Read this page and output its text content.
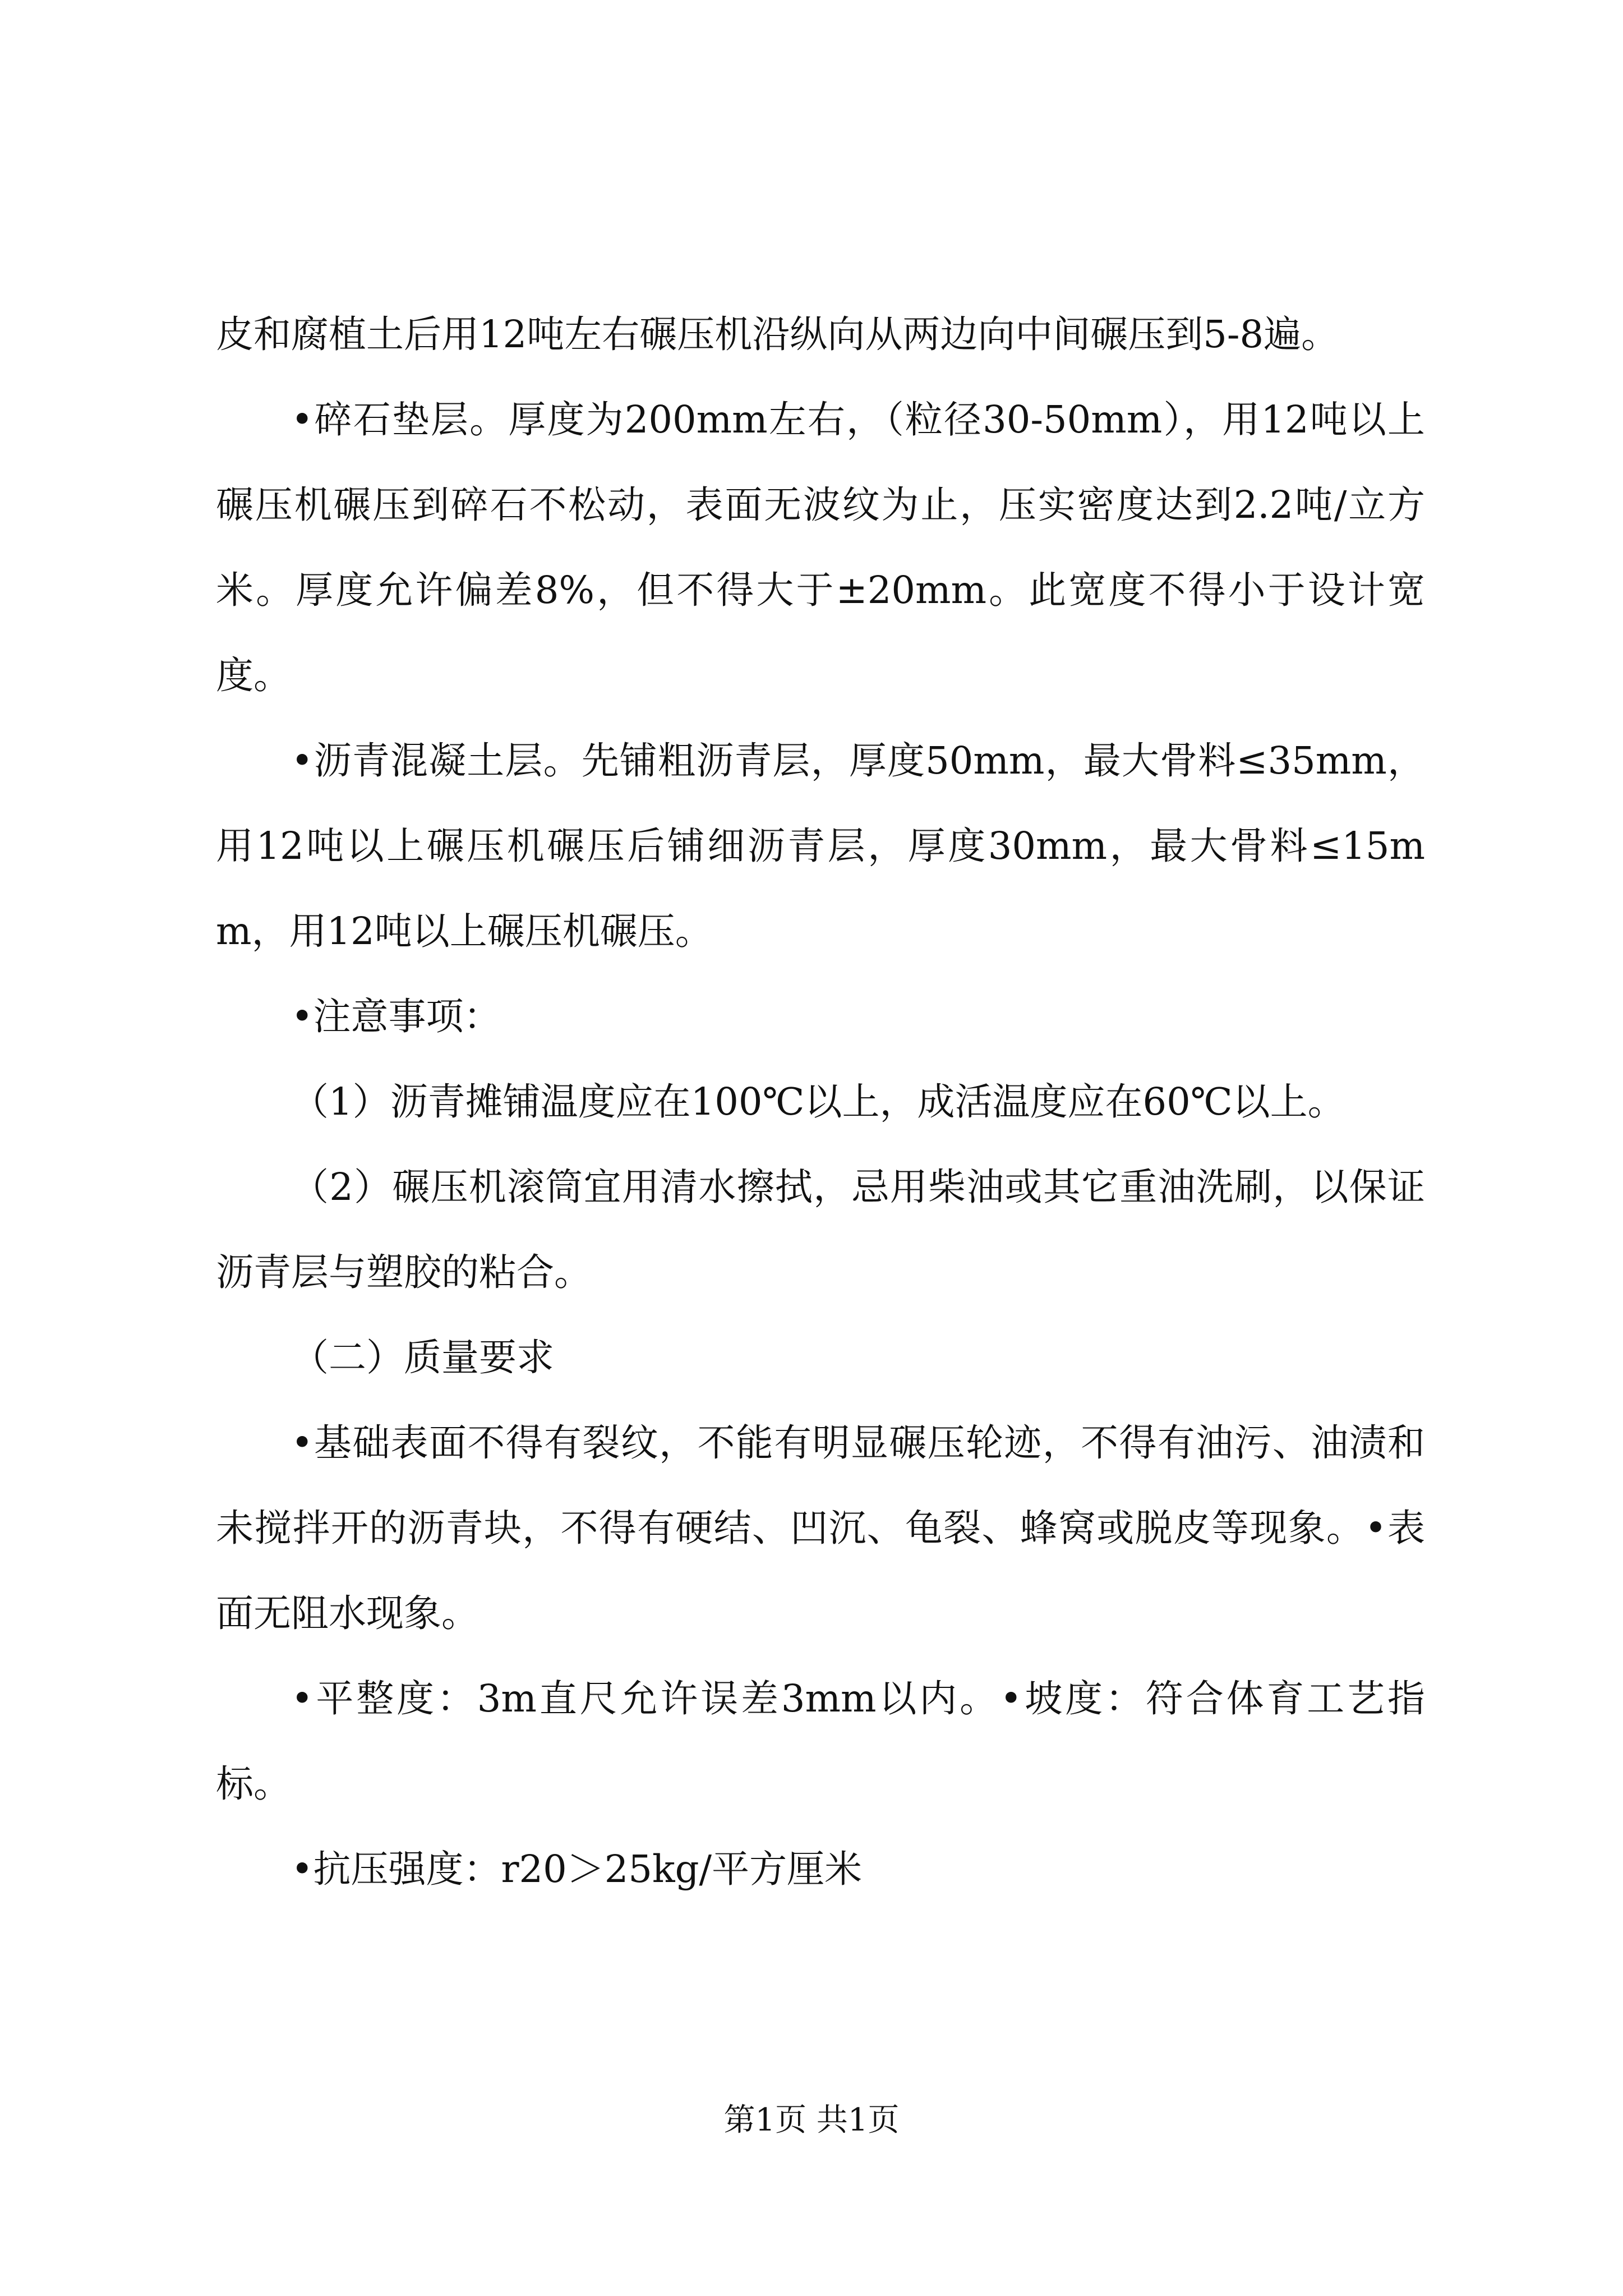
皮和腐植土后用12吨左右碾压机沿纵向从两边向中间碾压到5-8遍。

•碎石垫层。厚度为200mm左右，（粒径30-50mm），用12吨以上碾压机碾压到碎石不松动，表面无波纹为止，压实密度达到2.2吨/立方米。厚度允许偏差8%，但不得大于±20mm。此宽度不得小于设计宽度。

•沥青混凝土层。先铺粗沥青层，厚度50mm，最大骨料≤35mm，用12吨以上碾压机碾压后铺细沥青层，厚度30mm，最大骨料≤15mm，用12吨以上碾压机碾压。

•注意事项：

（1）沥青摊铺温度应在100℃以上，成活温度应在60℃以上。

（2）碾压机滚筒宜用清水擦拭，忌用柴油或其它重油洗刷，以保证沥青层与塑胶的粘合。

（二）质量要求

•基础表面不得有裂纹，不能有明显碾压轮迹，不得有油污、油渍和未搅拌开的沥青块，不得有硬结、凹沉、龟裂、蜂窝或脱皮等现象。•表面无阻水现象。

•平整度：3m直尺允许误差3mm以内。•坡度：符合体育工艺指标。

•抗压强度：r20＞25kg/平方厘米

第1页 共1页
